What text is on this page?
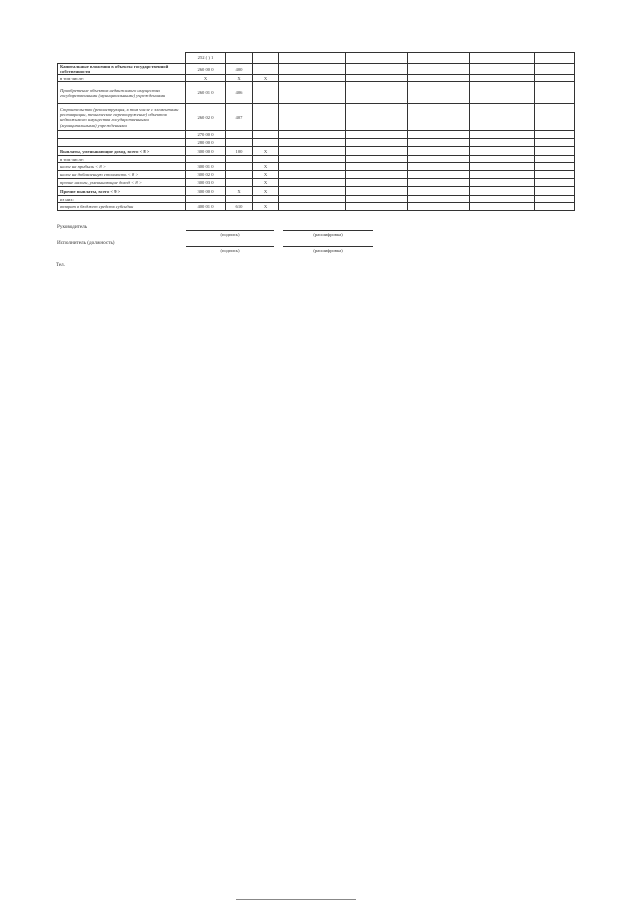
	252 ( ) 1							
Капитальные вложения в объекты государственной собственности	260 00 0	400						
в том числе:	X	X	X					
Приобретение объектов недвижимого имущества государственными (муниципальными) учреждениями	260 01 0	406						
Строительство (реконструкция, в том числе с элементами реставрации, техническое перевооружение) объектов недвижимого имущества государственными (муниципальными) учреждениями	260 02 0	407						
	270 00 0							
	280 00 0							
Выплаты, уменьшающие доход, всего < 8 >	300 00 0	100	X					
в том числе:								
налог на прибыль < 8 >	300 01 0		X					
налог на добавленную стоимость < 8 >	300 02 0		X					
прочие налоги, уменьшающие доход < 8 >	300 03 0		X					
Прочие выплаты, всего < 9 >	300 00 0	X	X					
из них:								
возврат в бюджет средств субсидии	400 01 0	610	X					
Руководитель
(подпись)	(расшифровка)
Исполнитель (должность)
(подпись)	(расшифровка)
Тел.
